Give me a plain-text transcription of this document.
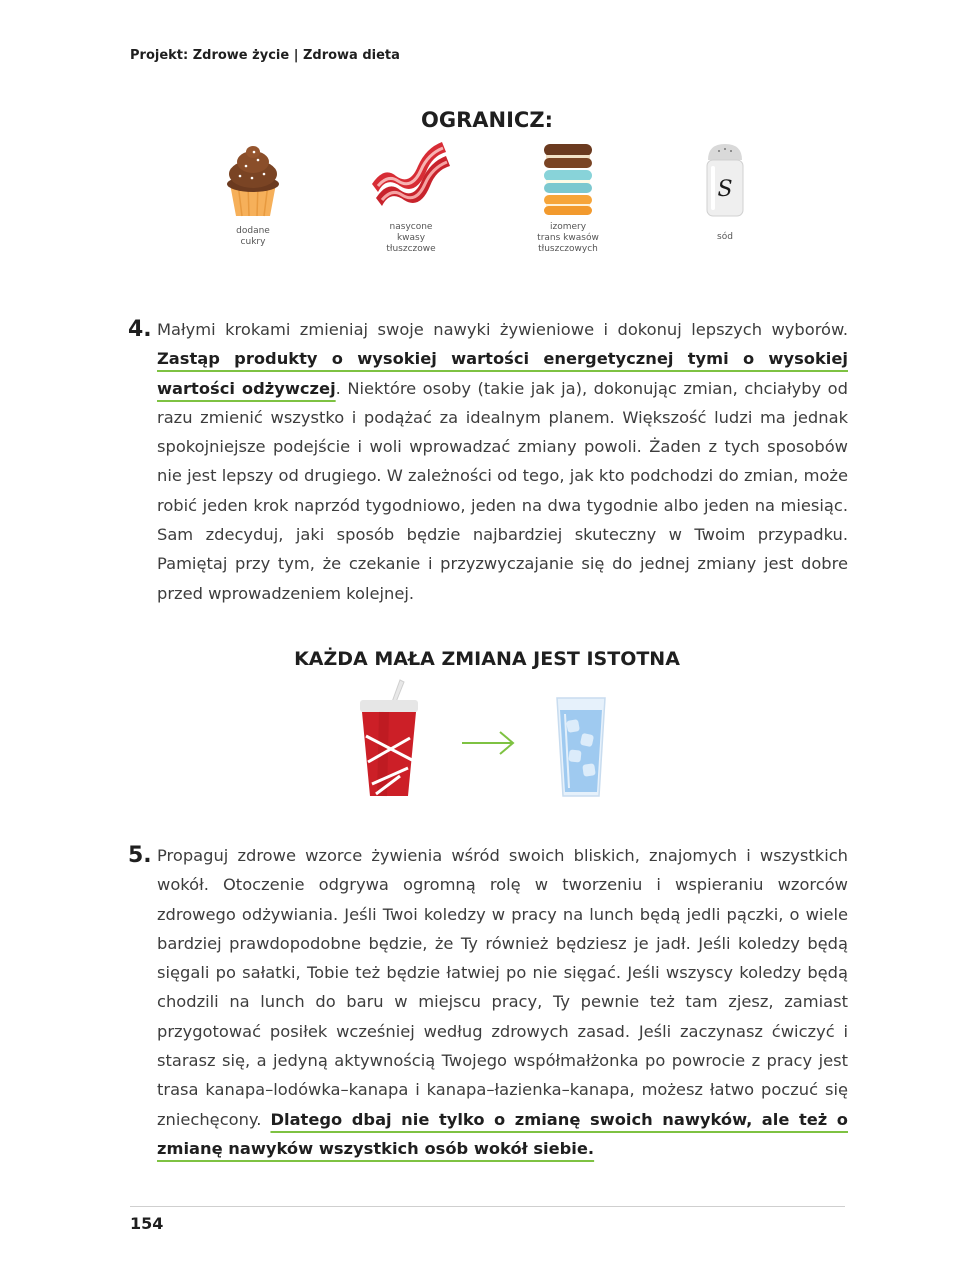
Projekt: Zdrowe życie | Zdrowa dieta
OGRANICZ:
dodane
cukry
nasycone
kwasy
tłuszczowe
izomery
trans kwasów
tłuszczowych
S
sód
4. Małymi krokami zmieniaj swoje nawyki żywieniowe i dokonuj lepszych wyborów. Zastąp produkty o wysokiej wartości energetycznej tymi o wysokiej wartości odżywczej. Niektóre osoby (takie jak ja), dokonując zmian, chciałyby od razu zmienić wszystko i podążać za idealnym planem. Większość ludzi ma jednak spokojniejsze podejście i woli wprowadzać zmiany powoli. Żaden z tych sposobów nie jest lepszy od drugiego. W zależności od tego, jak kto podchodzi do zmian, może robić jeden krok naprzód tygodniowo, jeden na dwa tygodnie albo jeden na miesiąc. Sam zdecyduj, jaki sposób będzie najbardziej skuteczny w Twoim przypadku. Pamiętaj przy tym, że czekanie i przyzwyczajanie się do jednej zmiany jest dobre przed wprowadzeniem kolejnej.
KAŻDA MAŁA ZMIANA JEST ISTOTNA
5. Propaguj zdrowe wzorce żywienia wśród swoich bliskich, znajomych i wszystkich wokół. Otoczenie odgrywa ogromną rolę w tworzeniu i wspieraniu wzorców zdrowego odżywiania. Jeśli Twoi koledzy w pracy na lunch będą jedli pączki, o wiele bardziej prawdopodobne będzie, że Ty również będziesz je jadł. Jeśli koledzy będą sięgali po sałatki, Tobie też będzie łatwiej po nie sięgać. Jeśli wszyscy koledzy będą chodzili na lunch do baru w miejscu pracy, Ty pewnie też tam zjesz, zamiast przygotować posiłek wcześniej według zdrowych zasad. Jeśli zaczynasz ćwiczyć i starasz się, a jedyną aktywnością Twojego współmałżonka po powrocie z pracy jest trasa kanapa–lodówka–kanapa i kanapa–łazienka–kanapa, możesz łatwo poczuć się zniechęcony. Dlatego dbaj nie tylko o zmianę swoich nawyków, ale też o zmianę nawyków wszystkich osób wokół siebie.
154
